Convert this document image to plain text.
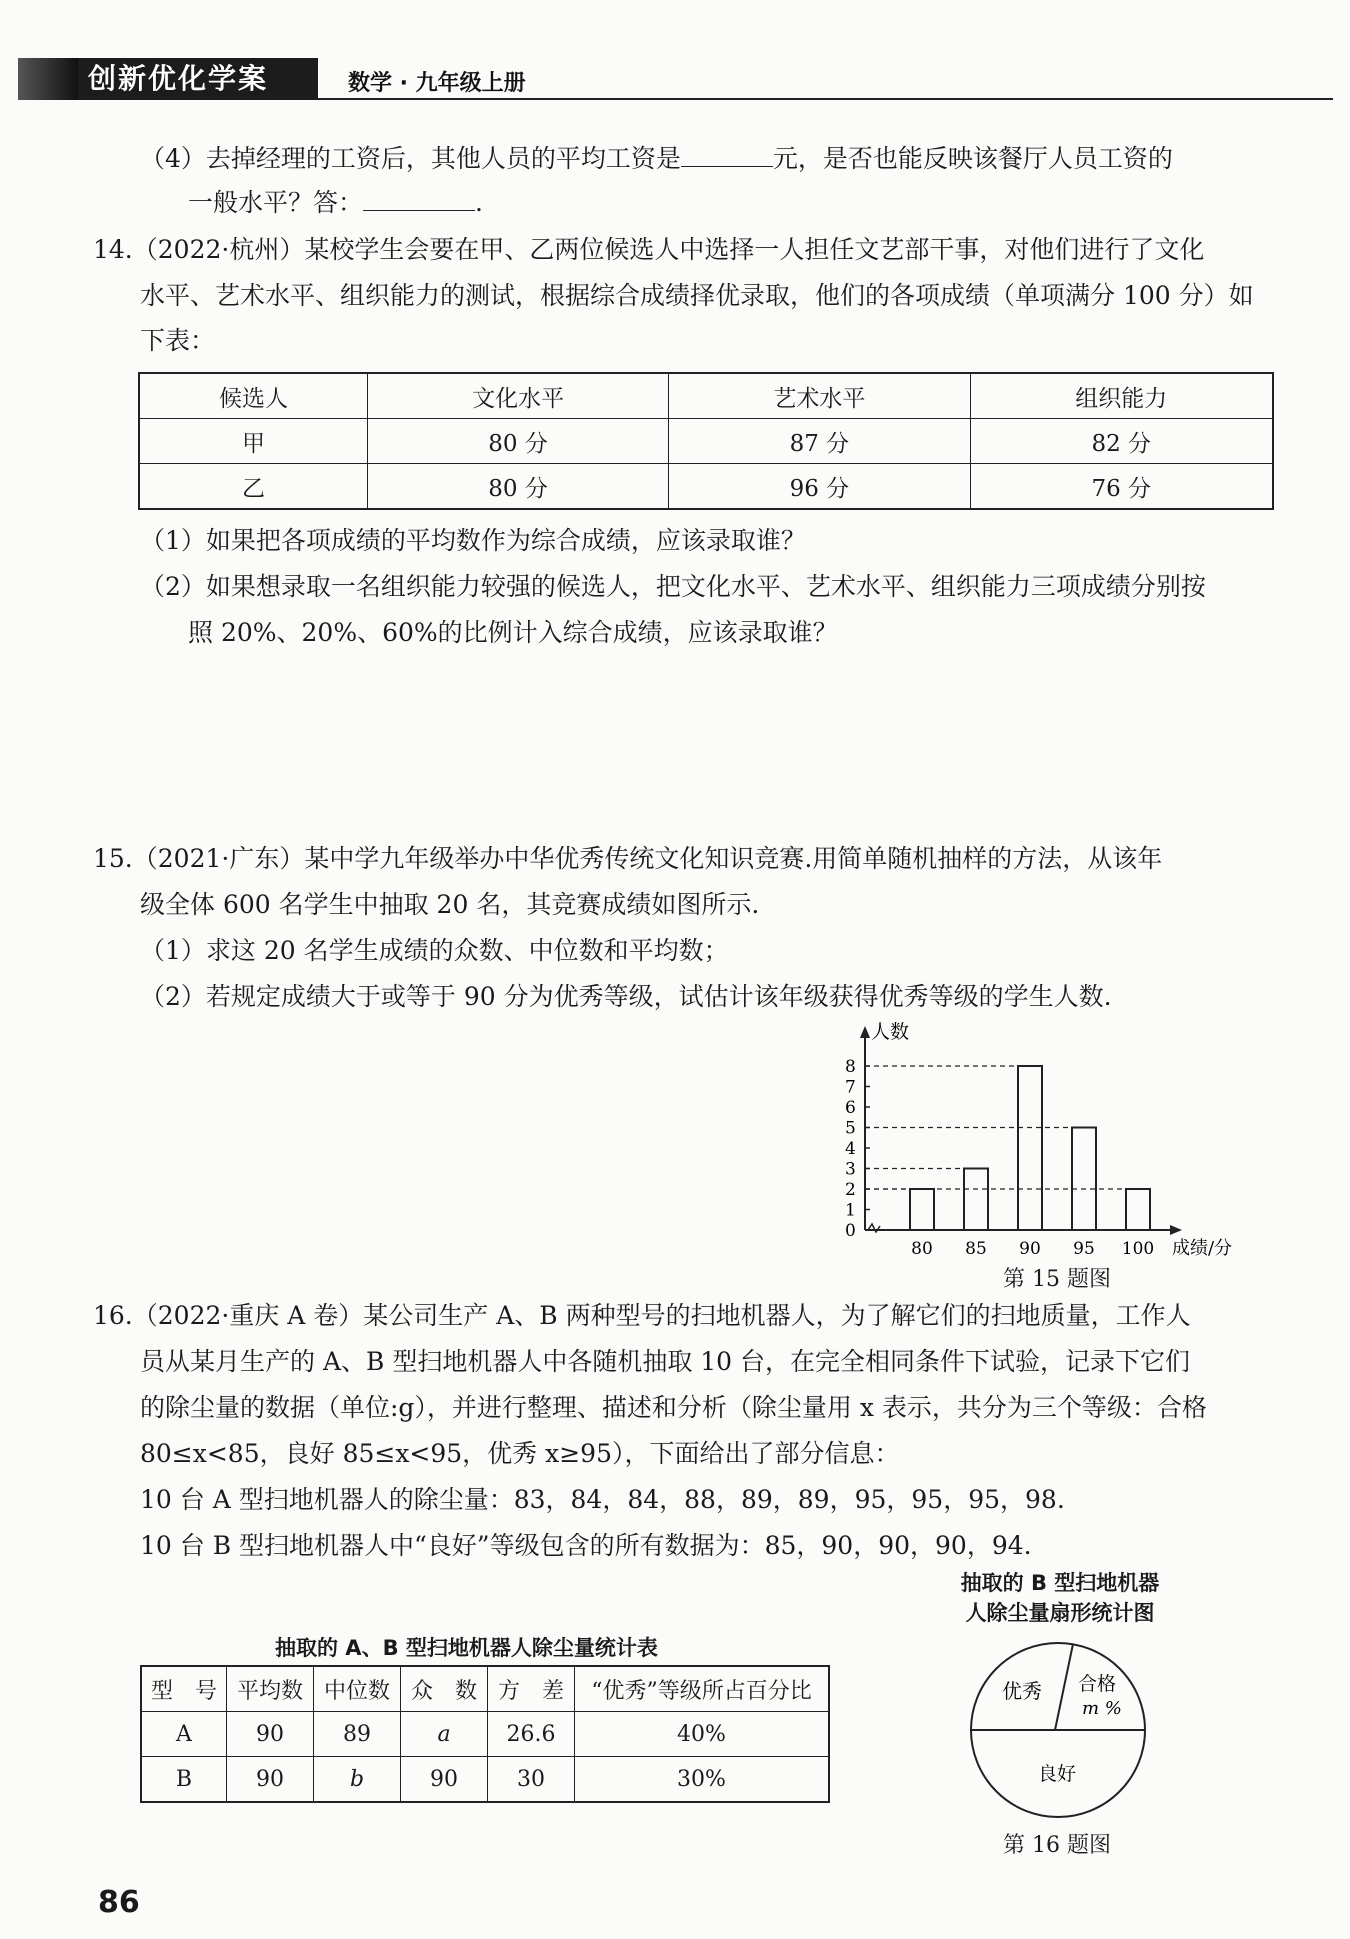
创新优化学案	数学 · 九年级上册
（4）去掉经理的工资后，其他人员的平均工资是	元，是否也能反映该餐厅人员工资的
一般水平？答：	.
14.（2022·杭州）某校学生会要在甲、乙两位候选人中选择一人担任文艺部干事，对他们进行了文化
水平、艺术水平、组织能力的测试，根据综合成绩择优录取，他们的各项成绩（单项满分 100 分）如
下表：
候选人	文化水平	艺术水平	组织能力
甲	80 分	87 分	82 分
乙	80 分	96 分	76 分
（1）如果把各项成绩的平均数作为综合成绩，应该录取谁？
（2）如果想录取一名组织能力较强的候选人，把文化水平、艺术水平、组织能力三项成绩分别按
照 20%、20%、60%的比例计入综合成绩，应该录取谁？
15.（2021·广东）某中学九年级举办中华优秀传统文化知识竞赛.用简单随机抽样的方法，从该年
级全体 600 名学生中抽取 20 名，其竞赛成绩如图所示.
（1）求这 20 名学生成绩的众数、中位数和平均数；
（2）若规定成绩大于或等于 90 分为优秀等级，试估计该年级获得优秀等级的学生人数.
人数
0
1
2
3
4
5
6
7
8
80 85 90 95 100 成绩/分
第 15 题图
16.（2022·重庆 A 卷）某公司生产 A、B 两种型号的扫地机器人，为了解它们的扫地质量，工作人
员从某月生产的 A、B 型扫地机器人中各随机抽取 10 台，在完全相同条件下试验，记录下它们
的除尘量的数据（单位:g），并进行整理、描述和分析（除尘量用 x 表示，共分为三个等级：合格
80≤x<85，良好 85≤x<95，优秀 x≥95），下面给出了部分信息：
10 台 A 型扫地机器人的除尘量：83，84，84，88，89，89，95，95，95，98.
10 台 B 型扫地机器人中“良好”等级包含的所有数据为：85，90，90，90，94.
抽取的 B 型扫地机器
人除尘量扇形统计图
抽取的 A、B 型扫地机器人除尘量统计表
型　号	平均数	中位数	众　数	方　差	“优秀”等级所占百分比
A	90	89	a	26.6	40%
B	90	b	90	30	30%
优秀 合格
m %
良好
第 16 题图
86
